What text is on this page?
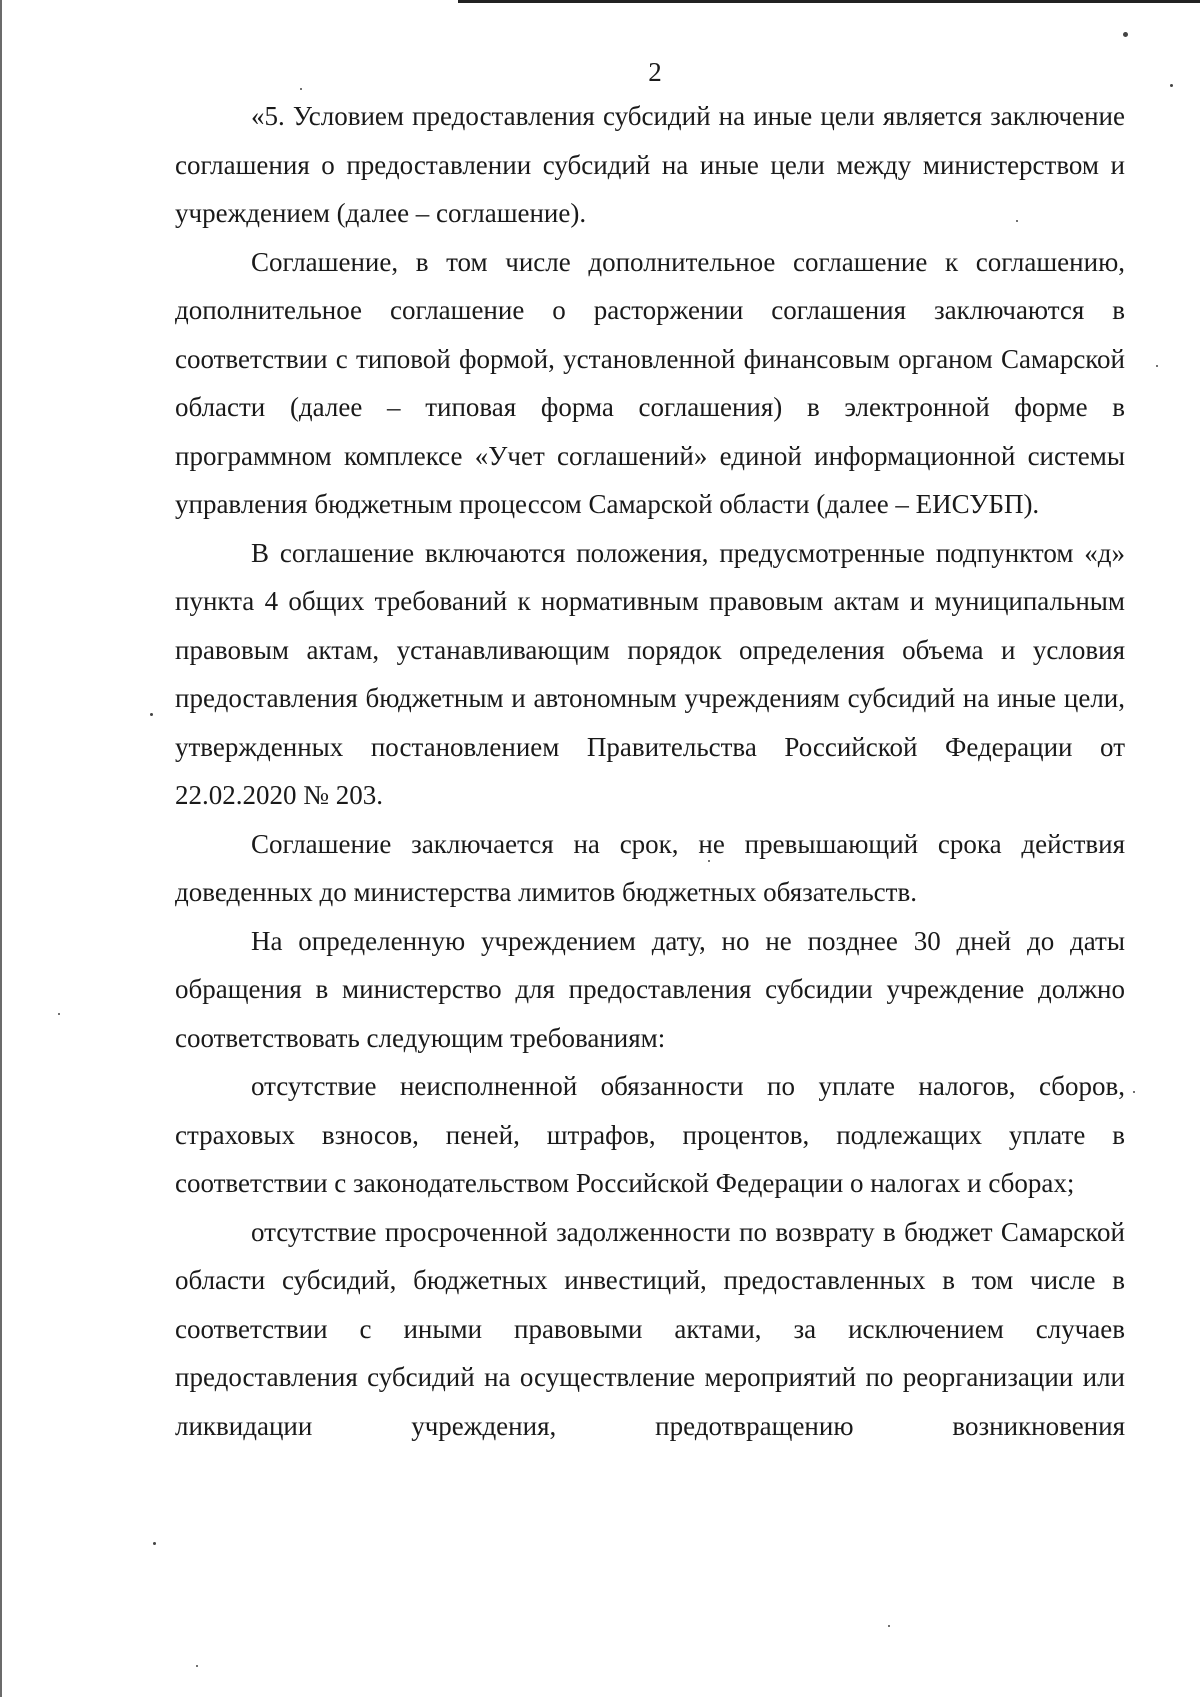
2

«5. Условием предоставления субсидий на иные цели является заключение соглашения о предоставлении субсидий на иные цели между министерством и учреждением (далее – соглашение).

Соглашение, в том числе дополнительное соглашение к соглашению, дополнительное соглашение о расторжении соглашения заключаются в соответствии с типовой формой, установленной финансовым органом Самарской области (далее – типовая форма соглашения) в электронной форме в программном комплексе «Учет соглашений» единой информационной системы управления бюджетным процессом Самарской области (далее – ЕИСУБП).

В соглашение включаются положения, предусмотренные подпунктом «д» пункта 4 общих требований к нормативным правовым актам и муниципальным правовым актам, устанавливающим порядок определения объема и условия предоставления бюджетным и автономным учреждениям субсидий на иные цели, утвержденных постановлением Правительства Российской Федерации от 22.02.2020 № 203.

Соглашение заключается на срок, не превышающий срока действия доведенных до министерства лимитов бюджетных обязательств.

На определенную учреждением дату, но не позднее 30 дней до даты обращения в министерство для предоставления субсидии учреждение должно соответствовать следующим требованиям:

отсутствие неисполненной обязанности по уплате налогов, сборов, страховых взносов, пеней, штрафов, процентов, подлежащих уплате в соответствии с законодательством Российской Федерации о налогах и сборах;

отсутствие просроченной задолженности по возврату в бюджет Самарской области субсидий, бюджетных инвестиций, предоставленных в том числе в соответствии с иными правовыми актами, за исключением случаев предоставления субсидий на осуществление мероприятий по реорганизации или ликвидации учреждения, предотвращению возникновения
